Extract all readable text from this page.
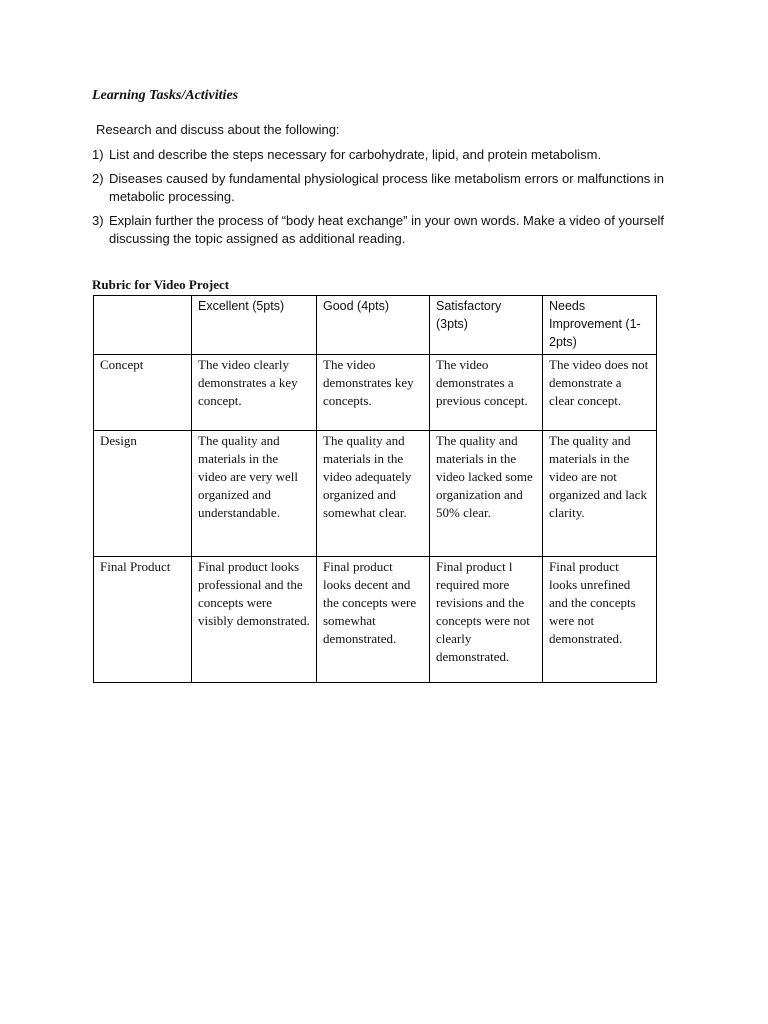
Learning Tasks/Activities

Research and discuss about the following:

1) List and describe the steps necessary for carbohydrate, lipid, and protein metabolism.
2) Diseases caused by fundamental physiological process like metabolism errors or malfunctions in metabolic processing.
3) Explain further the process of “body heat exchange” in your own words. Make a video of yourself discussing the topic assigned as additional reading.
Rubric for Video Project
	Excellent (5pts)	Good (4pts)	Satisfactory (3pts)	Needs Improvement (1-2pts)
Concept	The video clearly demonstrates a key concept.	The video demonstrates key concepts.	The video demonstrates a previous concept.	The video does not demonstrate a clear concept.
Design	The quality and materials in the video are very well organized and understandable.	The quality and materials in the video adequately organized and somewhat clear.	The quality and materials in the video lacked some organization and 50% clear.	The quality and materials in the video are not organized and lack clarity.
Final Product	Final product looks professional and the concepts were visibly demonstrated.	Final product looks decent and the concepts were somewhat demonstrated.	Final product l required more revisions and the concepts were not clearly demonstrated.	Final product looks unrefined and the concepts were not demonstrated.
